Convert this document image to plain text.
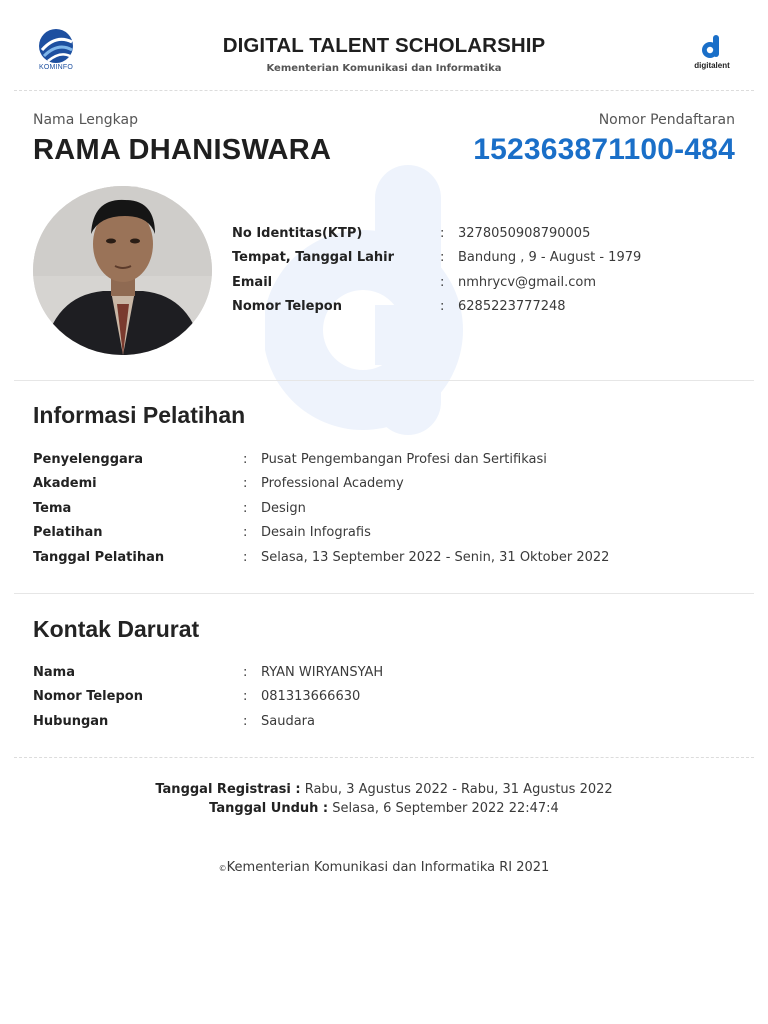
KOMINFO
DIGITAL TALENT SCHOLARSHIP
Kementerian Komunikasi dan Informatika	digitalent
Nama Lengkap	Nomor Pendaftaran
RAMA DHANISWARA	152363871100-484
No Identitas(KTP)	: 3278050908790005
Tempat, Tanggal Lahir	: Bandung , 9 - August - 1979
Email	: nmhrycv@gmail.com
Nomor Telepon	: 6285223777248
Informasi Pelatihan
Penyelenggara	: Pusat Pengembangan Profesi dan Sertifikasi
Akademi	: Professional Academy
Tema	: Design
Pelatihan	: Desain Infografis
Tanggal Pelatihan	: Selasa, 13 September 2022 - Senin, 31 Oktober 2022
Kontak Darurat
Nama	: RYAN WIRYANSYAH
Nomor Telepon	: 081313666630
Hubungan	: Saudara
Tanggal Registrasi : Rabu, 3 Agustus 2022 - Rabu, 31 Agustus 2022
Tanggal Unduh : Selasa, 6 September 2022 22:47:4
©Kementerian Komunikasi dan Informatika RI 2021
